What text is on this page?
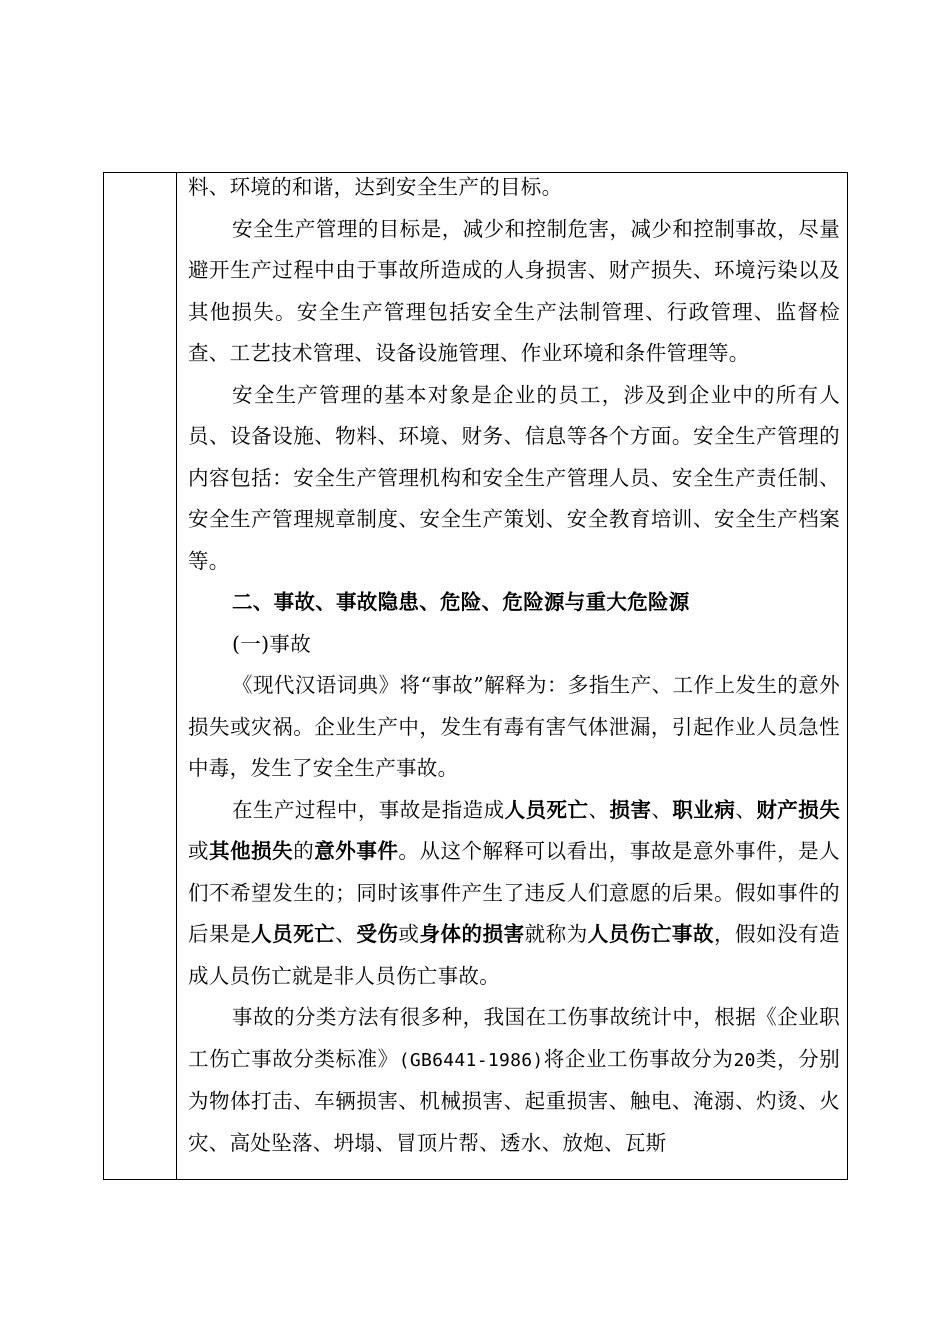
料、环境的和谐，达到安全生产的目标。

安全生产管理的目标是，减少和控制危害，减少和控制事故，尽量避开生产过程中由于事故所造成的人身损害、财产损失、环境污染以及其他损失。安全生产管理包括安全生产法制管理、行政管理、监督检查、工艺技术管理、设备设施管理、作业环境和条件管理等。

安全生产管理的基本对象是企业的员工，涉及到企业中的所有人员、设备设施、物料、环境、财务、信息等各个方面。安全生产管理的内容包括：安全生产管理机构和安全生产管理人员、安全生产责任制、安全生产管理规章制度、安全生产策划、安全教育培训、安全生产档案等。

二、事故、事故隐患、危险、危险源与重大危险源

(一)事故

《现代汉语词典》将“事故”解释为：多指生产、工作上发生的意外损失或灾祸。企业生产中，发生有毒有害气体泄漏，引起作业人员急性中毒，发生了安全生产事故。

在生产过程中，事故是指造成人员死亡、损害、职业病、财产损失或其他损失的意外事件。从这个解释可以看出，事故是意外事件，是人们不希望发生的；同时该事件产生了违反人们意愿的后果。假如事件的后果是人员死亡、受伤或身体的损害就称为人员伤亡事故，假如没有造成人员伤亡就是非人员伤亡事故。

事故的分类方法有很多种，我国在工伤事故统计中，根据《企业职工伤亡事故分类标准》(GB6441-1986)将企业工伤事故分为20类，分别为物体打击、车辆损害、机械损害、起重损害、触电、淹溺、灼烫、火灾、高处坠落、坍塌、冒顶片帮、透水、放炮、瓦斯
